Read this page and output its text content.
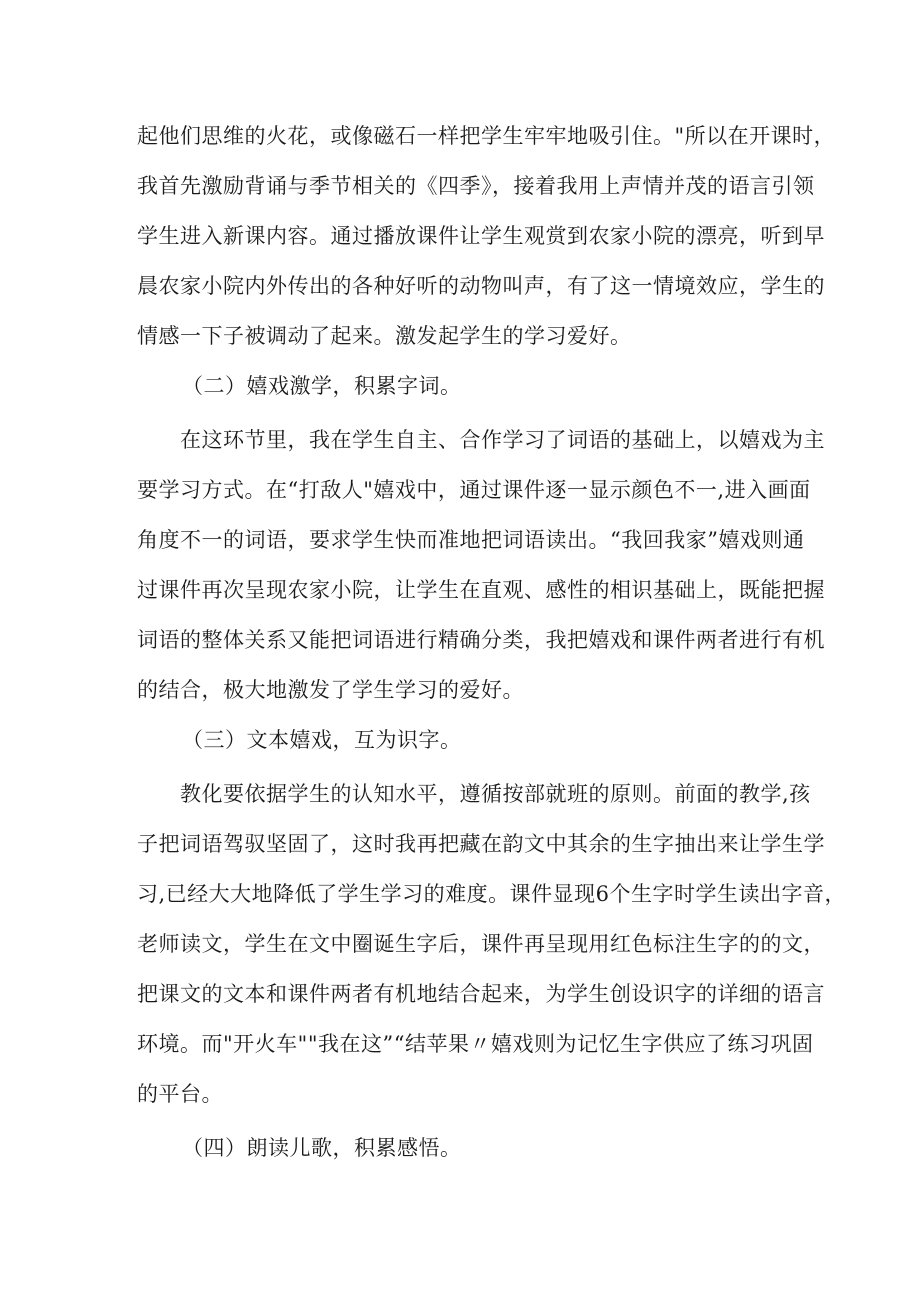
起他们思维的火花，或像磁石一样把学生牢牢地吸引住。"所以在开课时，
我首先激励背诵与季节相关的《四季》，接着我用上声情并茂的语言引领
学生进入新课内容。通过播放课件让学生观赏到农家小院的漂亮，听到早
晨农家小院内外传出的各种好听的动物叫声，有了这一情境效应，学生的
情感一下子被调动了起来。激发起学生的学习爱好。
（二）嬉戏激学，积累字词。
在这环节里，我在学生自主、合作学习了词语的基础上，以嬉戏为主
要学习方式。在“打敌人"嬉戏中，通过课件逐一显示颜色不一,进入画面
角度不一的词语，要求学生快而准地把词语读出。“我回我家”嬉戏则通
过课件再次呈现农家小院，让学生在直观、感性的相识基础上，既能把握
词语的整体关系又能把词语进行精确分类，我把嬉戏和课件两者进行有机
的结合，极大地激发了学生学习的爱好。
（三）文本嬉戏，互为识字。
教化要依据学生的认知水平，遵循按部就班的原则。前面的教学,孩
子把词语驾驭坚固了，这时我再把藏在韵文中其余的生字抽出来让学生学
习,已经大大地降低了学生学习的难度。课件显现6个生字时学生读出字音，
老师读文，学生在文中圈诞生字后，课件再呈现用红色标注生字的的文，
把课文的文本和课件两者有机地结合起来，为学生创设识字的详细的语言
环境。而"开火车""我在这”“结苹果〃嬉戏则为记忆生字供应了练习巩固
的平台。
（四）朗读儿歌，积累感悟。
